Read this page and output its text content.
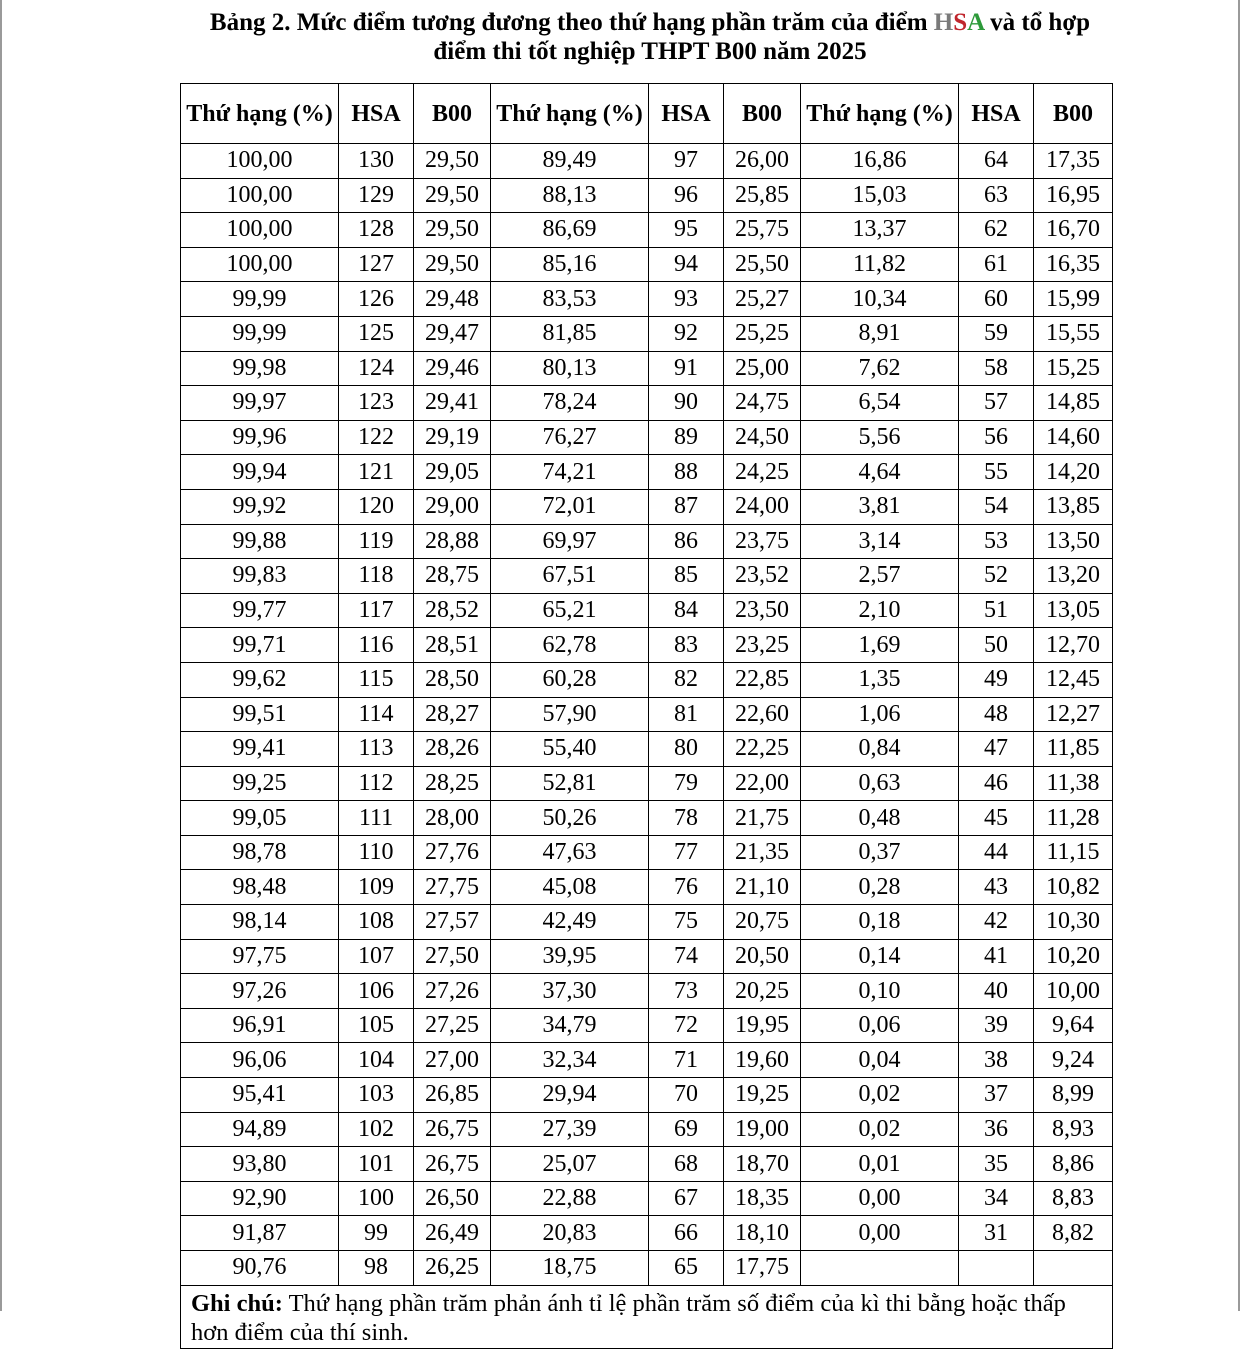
Bảng 2. Mức điểm tương đương theo thứ hạng phần trăm của điểm HSA và tổ hợp
điểm thi tốt nghiệp THPT B00 năm 2025
Thứ hạng (%)	HSA	B00	Thứ hạng (%)	HSA	B00	Thứ hạng (%)	HSA	B00
100,00	130	29,50	89,49	97	26,00	16,86	64	17,35
100,00	129	29,50	88,13	96	25,85	15,03	63	16,95
100,00	128	29,50	86,69	95	25,75	13,37	62	16,70
100,00	127	29,50	85,16	94	25,50	11,82	61	16,35
99,99	126	29,48	83,53	93	25,27	10,34	60	15,99
99,99	125	29,47	81,85	92	25,25	8,91	59	15,55
99,98	124	29,46	80,13	91	25,00	7,62	58	15,25
99,97	123	29,41	78,24	90	24,75	6,54	57	14,85
99,96	122	29,19	76,27	89	24,50	5,56	56	14,60
99,94	121	29,05	74,21	88	24,25	4,64	55	14,20
99,92	120	29,00	72,01	87	24,00	3,81	54	13,85
99,88	119	28,88	69,97	86	23,75	3,14	53	13,50
99,83	118	28,75	67,51	85	23,52	2,57	52	13,20
99,77	117	28,52	65,21	84	23,50	2,10	51	13,05
99,71	116	28,51	62,78	83	23,25	1,69	50	12,70
99,62	115	28,50	60,28	82	22,85	1,35	49	12,45
99,51	114	28,27	57,90	81	22,60	1,06	48	12,27
99,41	113	28,26	55,40	80	22,25	0,84	47	11,85
99,25	112	28,25	52,81	79	22,00	0,63	46	11,38
99,05	111	28,00	50,26	78	21,75	0,48	45	11,28
98,78	110	27,76	47,63	77	21,35	0,37	44	11,15
98,48	109	27,75	45,08	76	21,10	0,28	43	10,82
98,14	108	27,57	42,49	75	20,75	0,18	42	10,30
97,75	107	27,50	39,95	74	20,50	0,14	41	10,20
97,26	106	27,26	37,30	73	20,25	0,10	40	10,00
96,91	105	27,25	34,79	72	19,95	0,06	39	9,64
96,06	104	27,00	32,34	71	19,60	0,04	38	9,24
95,41	103	26,85	29,94	70	19,25	0,02	37	8,99
94,89	102	26,75	27,39	69	19,00	0,02	36	8,93
93,80	101	26,75	25,07	68	18,70	0,01	35	8,86
92,90	100	26,50	22,88	67	18,35	0,00	34	8,83
91,87	99	26,49	20,83	66	18,10	0,00	31	8,82
90,76	98	26,25	18,75	65	17,75			
Ghi chú: Thứ hạng phần trăm phản ánh tỉ lệ phần trăm số điểm của kì thi bằng hoặc thấp hơn điểm của thí sinh.								
